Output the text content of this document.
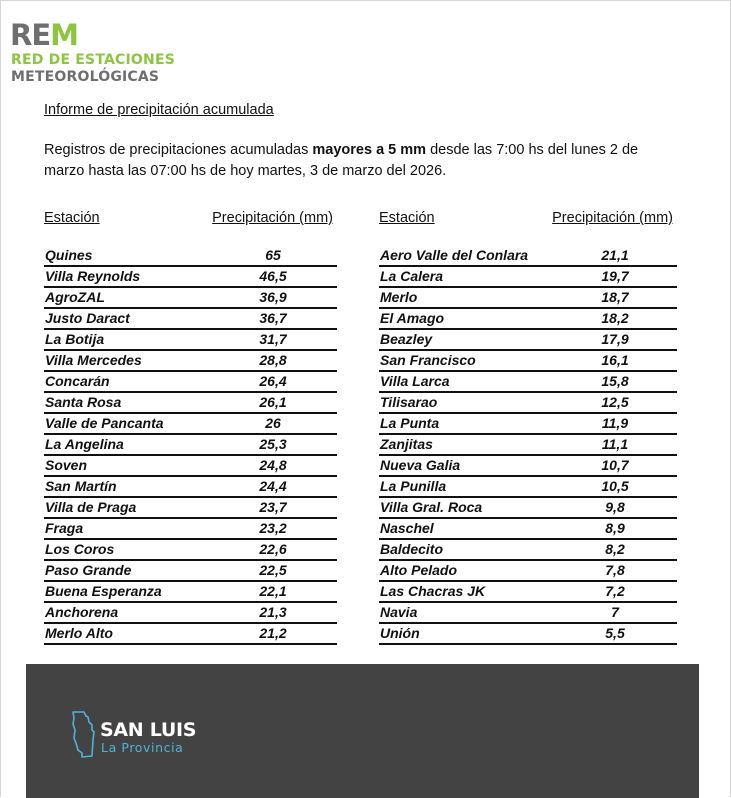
REM
RED DE ESTACIONES
METEOROLÓGICAS
Informe de precipitación acumulada
Registros de precipitaciones acumuladas mayores a 5 mm desde las 7:00 hs del lunes 2 de marzo hasta las 07:00 hs de hoy martes, 3 de marzo del 2026.
Estación	Precipitación (mm)
Quines	65
Villa Reynolds	46,5
AgroZAL	36,9
Justo Daract	36,7
La Botija	31,7
Villa Mercedes	28,8
Concarán	26,4
Santa Rosa	26,1
Valle de Pancanta	26
La Angelina	25,3
Soven	24,8
San Martín	24,4
Villa de Praga	23,7
Fraga	23,2
Los Coros	22,6
Paso Grande	22,5
Buena Esperanza	22,1
Anchorena	21,3
Merlo Alto	21,2
Estación	Precipitación (mm)
Aero Valle del Conlara	21,1
La Calera	19,7
Merlo	18,7
El Amago	18,2
Beazley	17,9
San Francisco	16,1
Villa Larca	15,8
Tilisarao	12,5
La Punta	11,9
Zanjitas	11,1
Nueva Galia	10,7
La Punilla	10,5
Villa Gral. Roca	9,8
Naschel	8,9
Baldecito	8,2
Alto Pelado	7,8
Las Chacras JK	7,2
Navia	7
Unión	5,5
SAN LUIS
La Provincia
